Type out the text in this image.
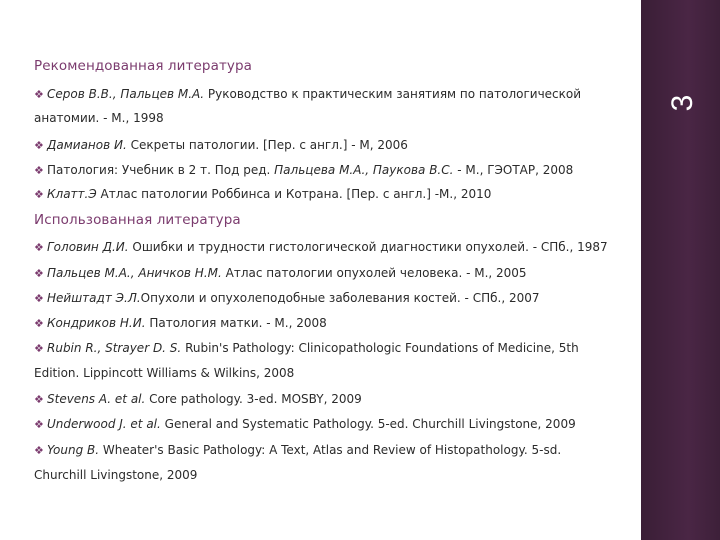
3
Рекомендованная литература
❖ Серов В.В., Пальцев М.А. Руководство к практическим занятиям по патологической
анатомии. - М., 1998
❖ Дамианов И. Секреты патологии. [Пер. с англ.] - М, 2006
❖ Патология: Учебник в 2 т. Под ред. Пальцева М.А., Паукова В.С. - М., ГЭОТАР, 2008
❖ Клатт.Э Атлас патологии Роббинса и Котрана. [Пер. с англ.] -М., 2010
Использованная литература
❖ Головин Д.И. Ошибки и трудности гистологической диагностики опухолей. - СПб., 1987
❖ Пальцев М.А., Аничков Н.М. Атлас патологии опухолей человека. - М., 2005
❖ Нейштадт Э.Л.Опухоли и опухолеподобные заболевания костей. - СПб., 2007
❖ Кондриков Н.И. Патология матки. - М., 2008
❖ Rubin R., Strayer D. S. Rubin's Pathology: Clinicopathologic Foundations of Medicine, 5th
Edition. Lippincott Williams & Wilkins, 2008
❖ Stevens A. et al. Core pathology. 3-ed. MOSBY, 2009
❖ Underwood J. et al. General and Systematic Pathology. 5-ed. Churchill Livingstone, 2009
❖ Young B. Wheater's Basic Pathology: A Text, Atlas and Review of Histopathology. 5-sd.
Churchill Livingstone, 2009
